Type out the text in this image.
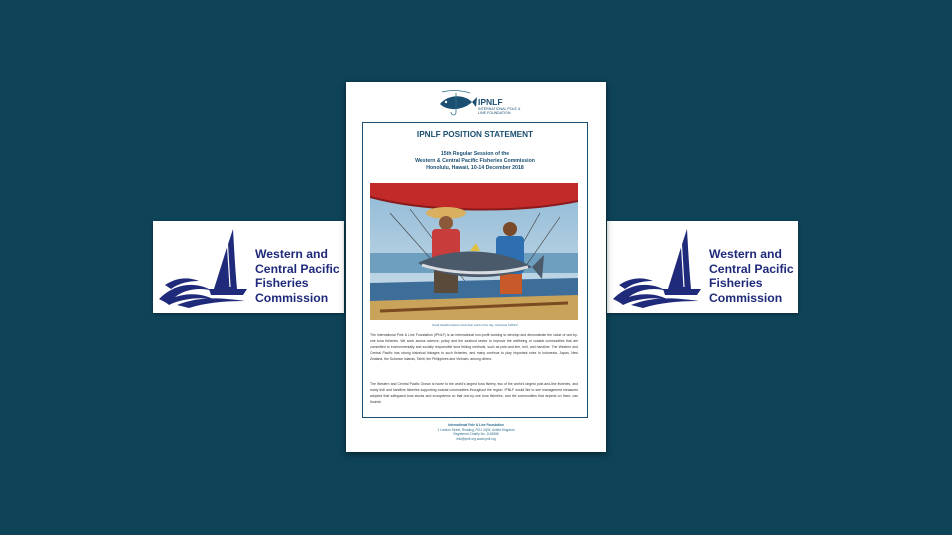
Western and
Central Pacific
Fisheries
Commission
Western and
Central Pacific
Fisheries
Commission
IPNLF
INTERNATIONAL POLE & LINE FOUNDATION
IPNLF POSITION STATEMENT
15th Regular Session of the
Western & Central Pacific Fisheries Commission
Honolulu, Hawaii, 10-14 December 2018
Small handline fishers show their catch of the day, Indonesia ©IPNLF
The International Pole & Line Foundation (IPNLF) is an international non-profit working to develop and demonstrate the value of one-by-one tuna fisheries. We work across science, policy and the seafood sector to improve the wellbeing of coastal communities that are committed to environmentally and socially responsible tuna fishing methods, such as pole-and-line, troll, and handline. The Western and Central Pacific has strong historical linkages to such fisheries, and many continue to play important roles in Indonesia, Japan, New Zealand, the Solomon Islands, Tahiti, the Philippines and Vietnam, among others.
The Western and Central Pacific Ocean is home to the world's largest tuna fishery, two of the world's largest pole-and-line fisheries, and many troll and handline fisheries supporting coastal communities throughout the region. IPNLF would like to see management measures adopted that safeguard tuna stocks and ecosystems so that one-by-one tuna fisheries, and the communities that depend on them, can flourish.
International Pole & Line Foundation
1 London Street, Reading, RG1 4QW, United Kingdom
Registered Charity No. 1145586
info@ipnlf.org www.ipnlf.org
